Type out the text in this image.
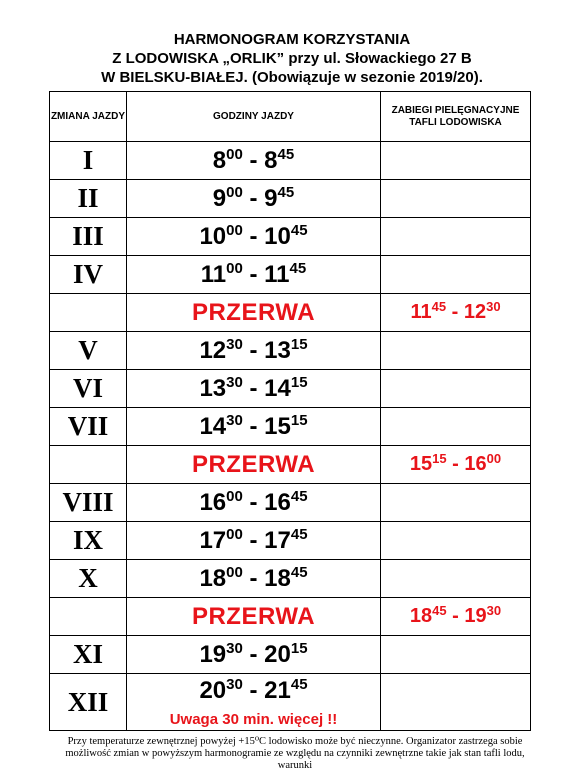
HARMONOGRAM KORZYSTANIA
Z LODOWISKA „ORLIK” przy ul. Słowackiego 27 B
W BIELSKU-BIAŁEJ. (Obowiązuje w sezonie 2019/20).
ZMIANA JAZDY	GODZINY JAZDY	ZABIEGI PIELĘGNACYJNE TAFLI LODOWISKA
I	$8^{00} - 8^{45}$	
II	$9^{00} - 9^{45}$	
III	$10^{00} - 10^{45}$	
IV	$11^{00} - 11^{45}$	
	PRZERWA	$11^{45} - 12^{30}$
V	$12^{30} - 13^{15}$	
VI	$13^{30} - 14^{15}$	
VII	$14^{30} - 15^{15}$	
	PRZERWA	$15^{15} - 16^{00}$
VIII	$16^{00} - 16^{45}$	
IX	$17^{00} - 17^{45}$	
X	$18^{00} - 18^{45}$	
	PRZERWA	$18^{45} - 19^{30}$
XI	$19^{30} - 20^{15}$	
XII	$20^{30} - 21^{45}$
Uwaga 30 min. więcej !!	

Przy temperaturze zewnętrznej powyżej +15⁰C lodowisko może być nieczynne. Organizator zastrzega sobie
możliwość zmian w powyższym harmonogramie ze względu na czynniki zewnętrzne takie jak stan tafli lodu, warunki
